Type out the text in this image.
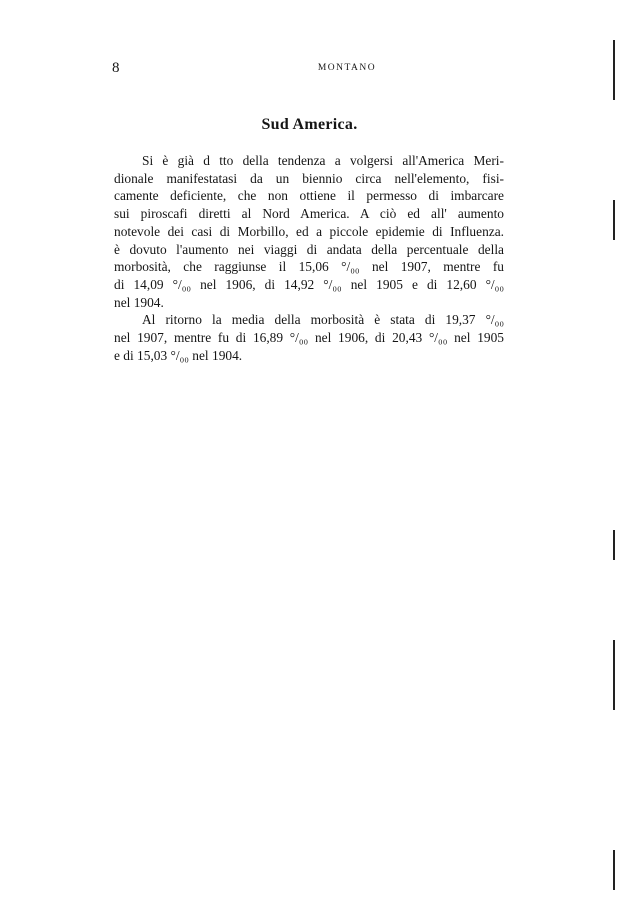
8	MONTANO
Sud America.
Si è già d tto della tendenza a volgersi all'America Meri-
dionale manifestatasi da un biennio circa nell'elemento, fisi-
camente deficiente, che non ottiene il permesso di imbarcare
sui piroscafi diretti al Nord America. A ciò ed all' aumento
notevole dei casi di Morbillo, ed a piccole epidemie di Influenza.
è dovuto l'aumento nei viaggi di andata della percentuale della
morbosità, che raggiunse il 15,06 °/₀₀ nel 1907, mentre fu
di 14,09 °/₀₀ nel 1906, di 14,92 °/₀₀ nel 1905 e di 12,60 °/₀₀
nel 1904.
Al ritorno la media della morbosità è stata di 19,37 °/₀₀
nel 1907, mentre fu di 16,89 °/₀₀ nel 1906, di 20,43 °/₀₀ nel 1905
e di 15,03 °/₀₀ nel 1904.
